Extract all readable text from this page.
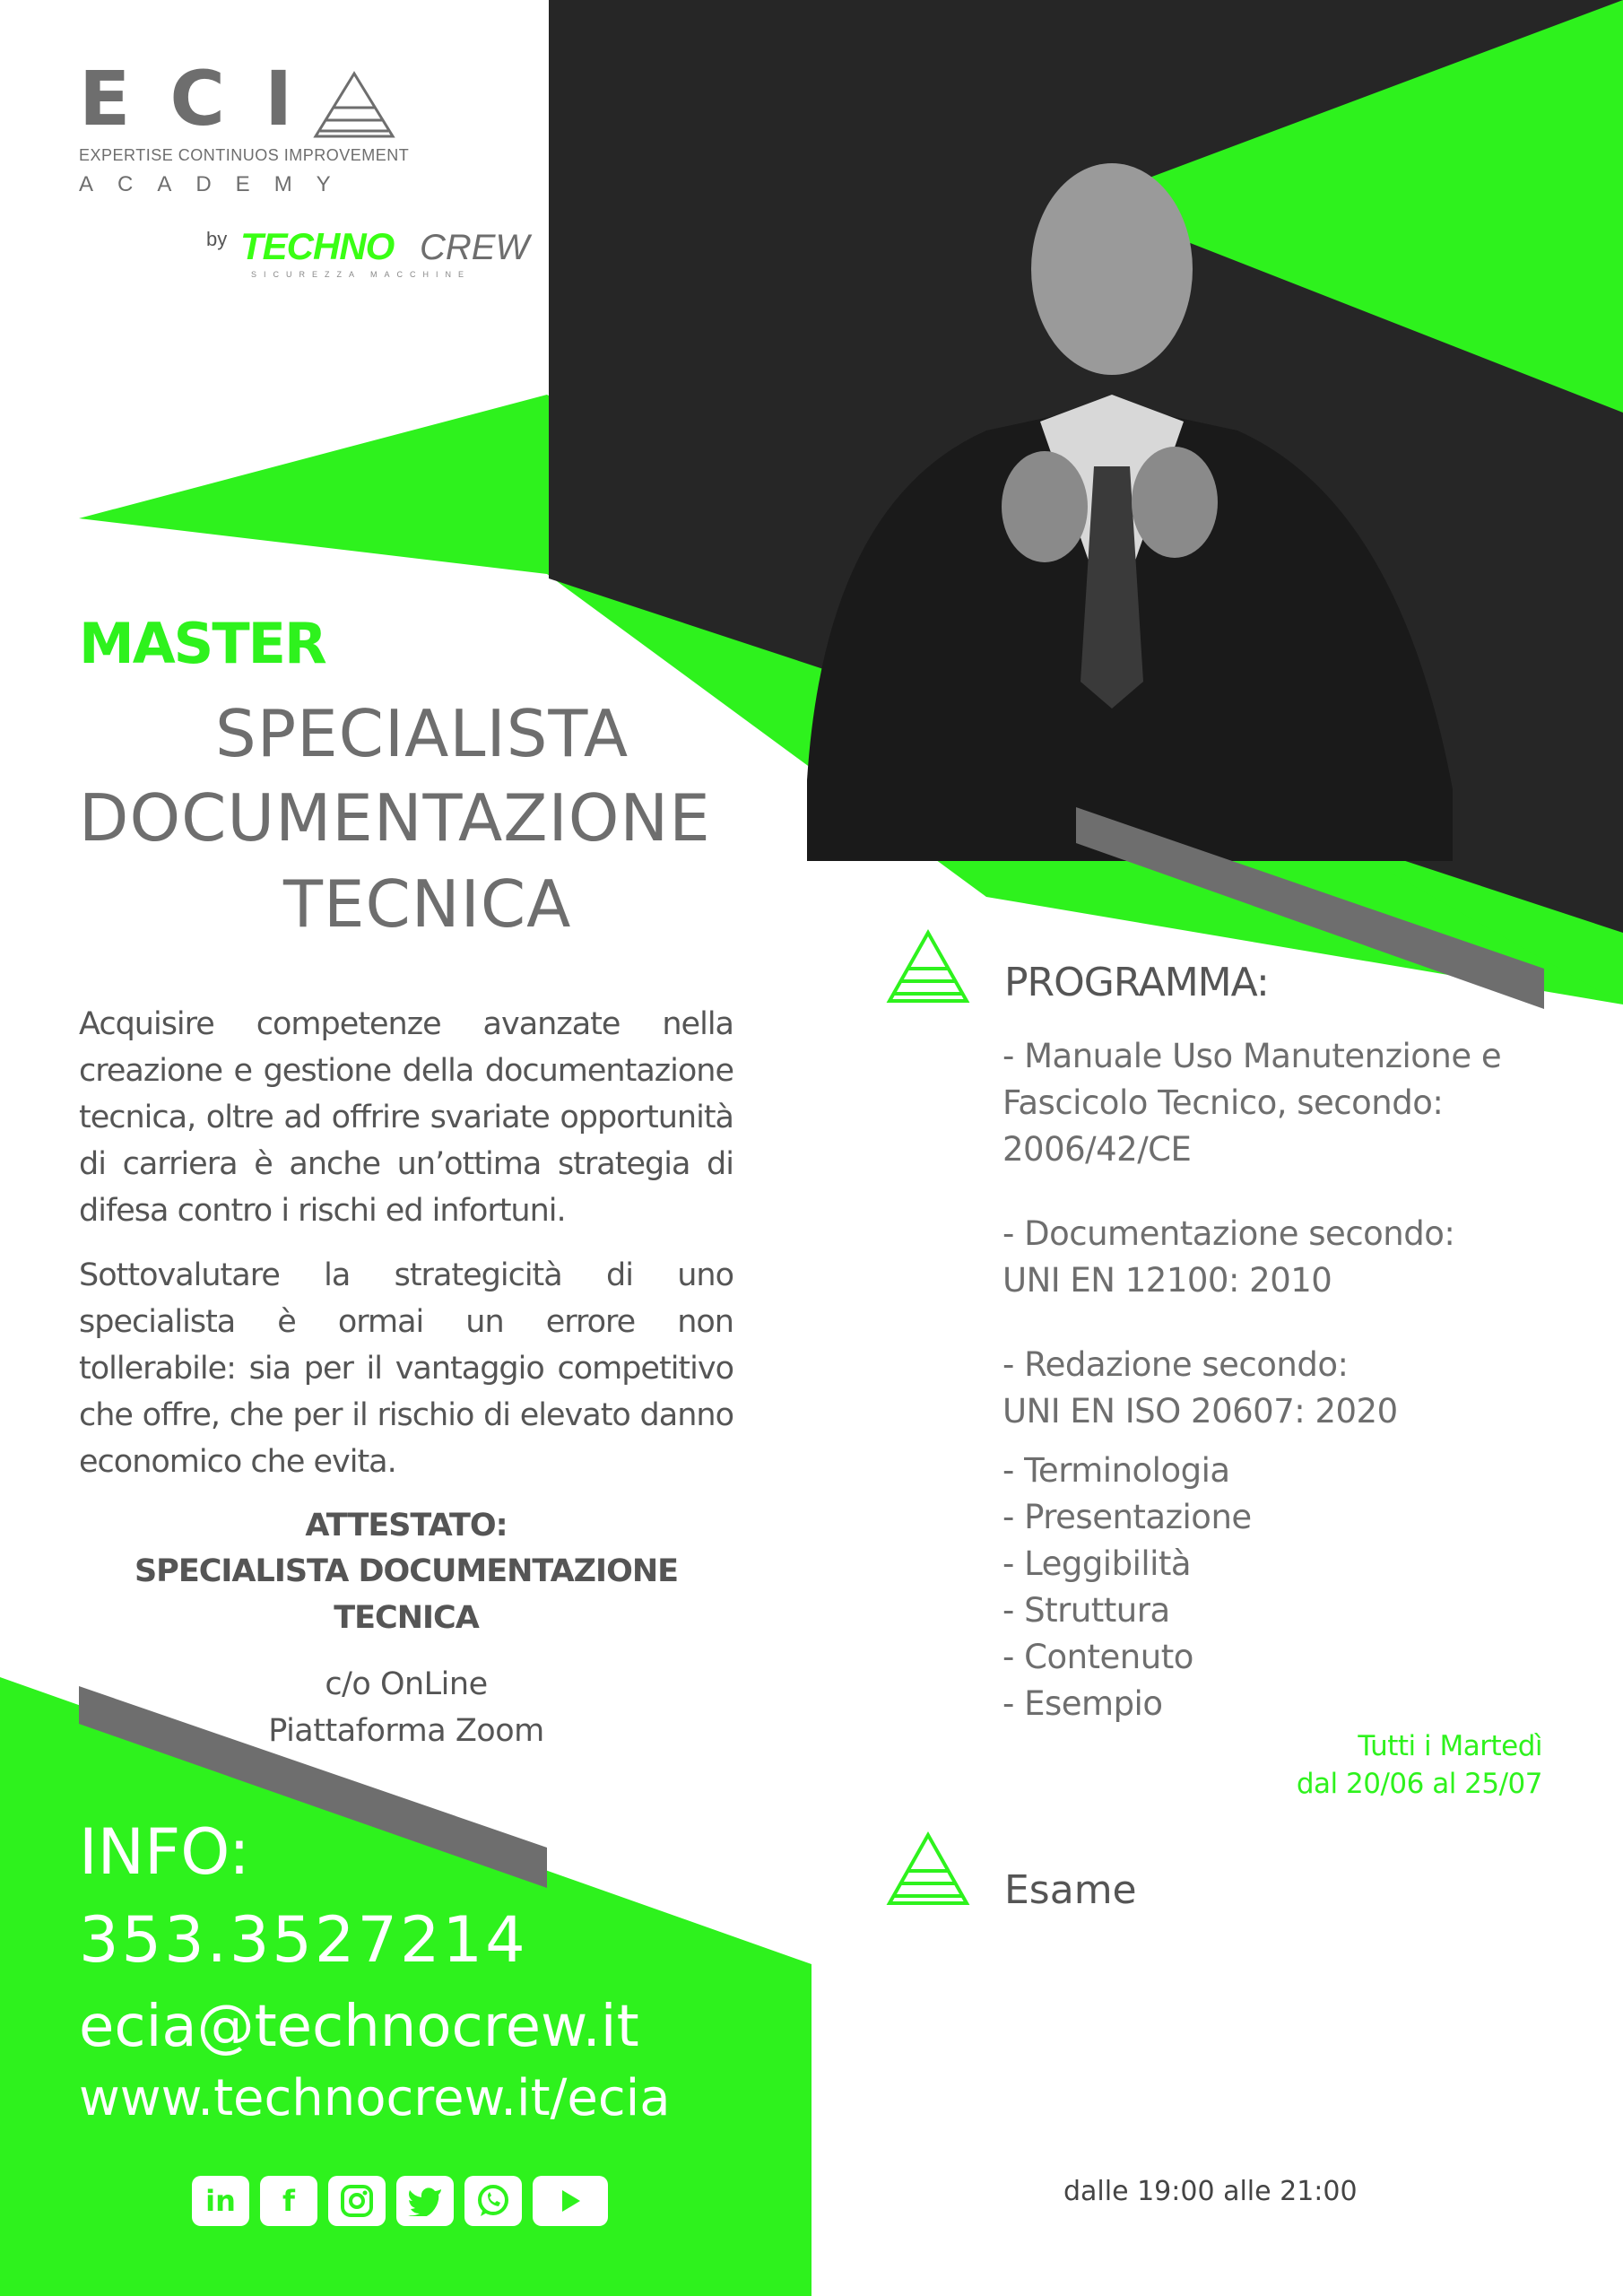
ECI
EXPERTISE CONTINUOS IMPROVEMENT
ACADEMY
by TECHNO CREW
SICUREZZA MACCHINE
MASTER
SPECIALISTA
DOCUMENTAZIONE
TECNICA
Acquisire competenze avanzate nella creazione e gestione della documentazione tecnica, oltre ad offrire svariate opportunità di carriera è anche un’ottima strategia di difesa contro i rischi ed infortuni.
Sottovalutare la strategicità di uno specialista è ormai un errore non tollerabile: sia per il vantaggio competitivo che offre, che per il rischio di elevato danno economico che evita.
ATTESTATO:
SPECIALISTA DOCUMENTAZIONE TECNICA
c/o OnLine
Piattaforma Zoom
INFO:
353.3527214
ecia@technocrew.it
www.technocrew.it/ecia
in	f
PROGRAMMA:
- Manuale Uso Manutenzione e
Fascicolo Tecnico, secondo:
2006/42/CE
- Documentazione secondo:
UNI EN 12100: 2010
- Redazione secondo:
UNI EN ISO 20607: 2020
- Terminologia
- Presentazione
- Leggibilità
- Struttura
- Contenuto
- Esempio
Tutti i Martedì
dal 20/06 al 25/07
Esame
dalle 19:00 alle 21:00
